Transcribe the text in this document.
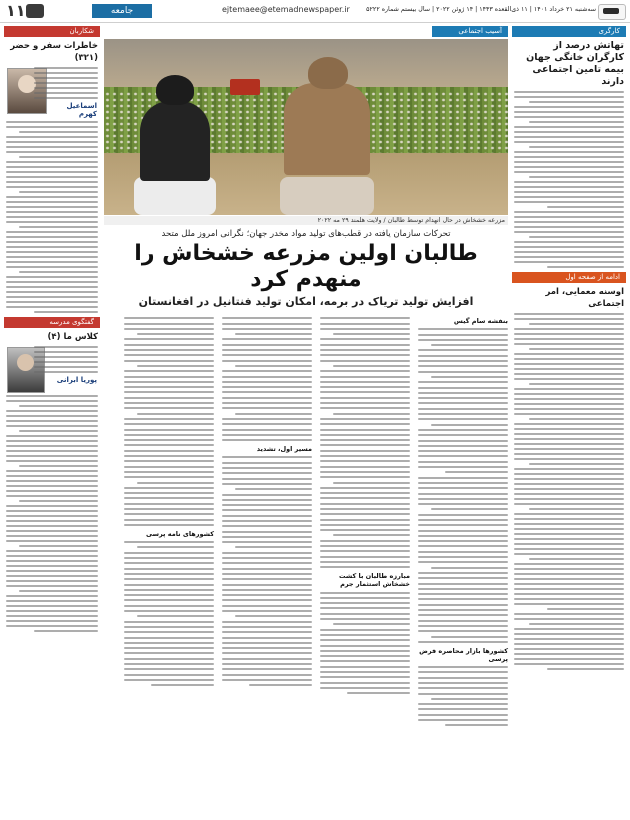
۱۱	جامعه	ejtemaee@etemadnewspaper.ir	سه‌شنبه ۲۱ خرداد ۱۴۰۱ | ۱۱ ذی‌القعده ۱۴۴۳ | ۱۴ ژوئن ۲۰۲۲ | سال بیستم شماره ۵۲۲۲
کارگری
تهاتش درصد از کارگران خانگی جهان بیمه تامین اجتماعی دارند
ادامه از صفحه اول
اوسنه معمایی، امر اجتماعی
شکاربان
خاطرات سفر و حضر (۳۲۱)
اسماعیل کهرم
گفتگوی مدرسه
کلاس ما (۴)
پوریا ابرانی
آسیب اجتماعی
مزرعه خشخاش در حال انهدام توسط طالبان / ولایت هلمند ۲۹ مه ۲۰۲۲
تحرکات سازمان یافته در قطب‌های تولید مواد مخدر جهان؛ نگرانی امروز ملل متحد
طالبان اولین مزرعه خشخاش را منهدم کرد
افزایش تولید تریاک در برمه، امکان تولید فنتانیل در افغانستان
بنفشه سام گیس
کشورها بازار محاصره فرض پرسی
مبارزه طالبان با کشت خشخاش استثمار جرم
مسیر اول، تشدید
کشورهای نامه پرسی
